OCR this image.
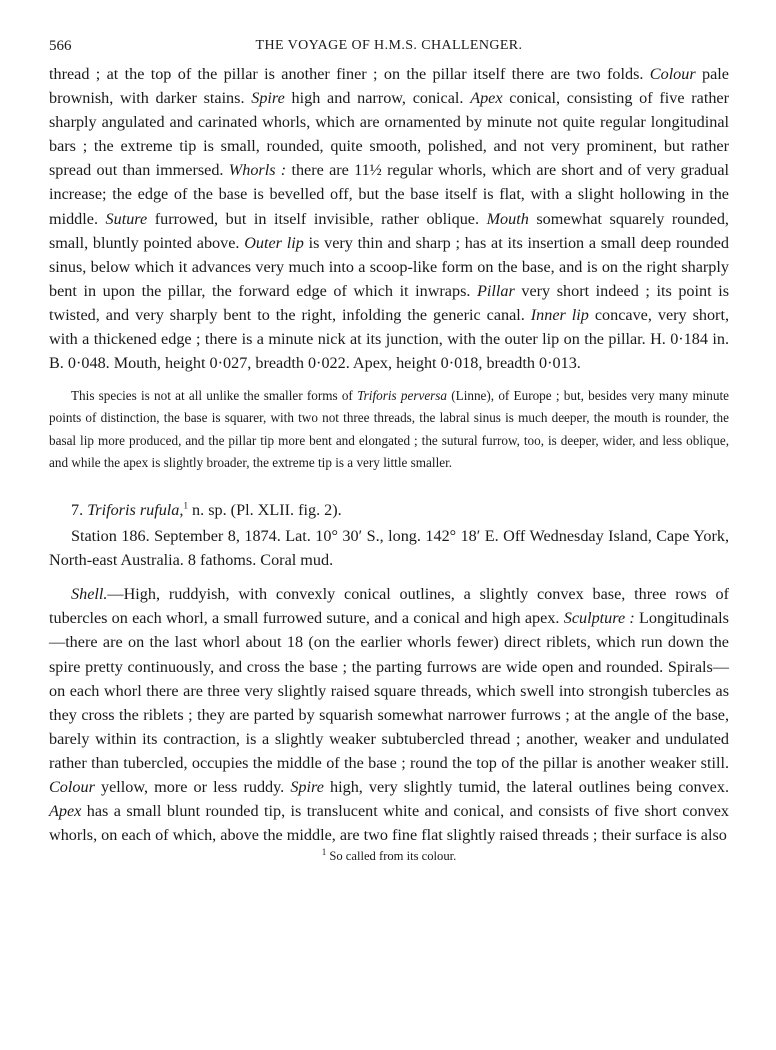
566	THE VOYAGE OF H.M.S. CHALLENGER.

thread ; at the top of the pillar is another finer ; on the pillar itself there are two folds. Colour pale brownish, with darker stains. Spire high and narrow, conical. Apex conical, consisting of five rather sharply angulated and carinated whorls, which are ornamented by minute not quite regular longitudinal bars ; the extreme tip is small, rounded, quite smooth, polished, and not very prominent, but rather spread out than immersed. Whorls : there are 11½ regular whorls, which are short and of very gradual increase; the edge of the base is bevelled off, but the base itself is flat, with a slight hollowing in the middle. Suture furrowed, but in itself invisible, rather oblique. Mouth somewhat squarely rounded, small, bluntly pointed above. Outer lip is very thin and sharp ; has at its insertion a small deep rounded sinus, below which it advances very much into a scoop-like form on the base, and is on the right sharply bent in upon the pillar, the forward edge of which it inwraps. Pillar very short indeed ; its point is twisted, and very sharply bent to the right, infolding the generic canal. Inner lip concave, very short, with a thickened edge ; there is a minute nick at its junction, with the outer lip on the pillar. H. 0·184 in. B. 0·048. Mouth, height 0·027, breadth 0·022. Apex, height 0·018, breadth 0·013.

This species is not at all unlike the smaller forms of Triforis perversa (Linne), of Europe ; but, besides very many minute points of distinction, the base is squarer, with two not three threads, the labral sinus is much deeper, the mouth is rounder, the basal lip more produced, and the pillar tip more bent and elongated ; the sutural furrow, too, is deeper, wider, and less oblique, and while the apex is slightly broader, the extreme tip is a very little smaller.

7. Triforis rufula,$^1$ n. sp. (Pl. XLII. fig. 2).
Station 186. September 8, 1874. Lat. 10° 30′ S., long. 142° 18′ E. Off Wednesday Island, Cape York, North-east Australia. 8 fathoms. Coral mud.
Shell.—High, ruddyish, with convexly conical outlines, a slightly convex base, three rows of tubercles on each whorl, a small furrowed suture, and a conical and high apex. Sculpture : Longitudinals—there are on the last whorl about 18 (on the earlier whorls fewer) direct riblets, which run down the spire pretty continuously, and cross the base ; the parting furrows are wide open and rounded. Spirals—on each whorl there are three very slightly raised square threads, which swell into strongish tubercles as they cross the riblets ; they are parted by squarish somewhat narrower furrows ; at the angle of the base, barely within its contraction, is a slightly weaker subtubercled thread ; another, weaker and undulated rather than tubercled, occupies the middle of the base ; round the top of the pillar is another weaker still. Colour yellow, more or less ruddy. Spire high, very slightly tumid, the lateral outlines being convex. Apex has a small blunt rounded tip, is translucent white and conical, and consists of five short convex whorls, on each of which, above the middle, are two fine flat slightly raised threads ; their surface is also
$^1$ So called from its colour.
